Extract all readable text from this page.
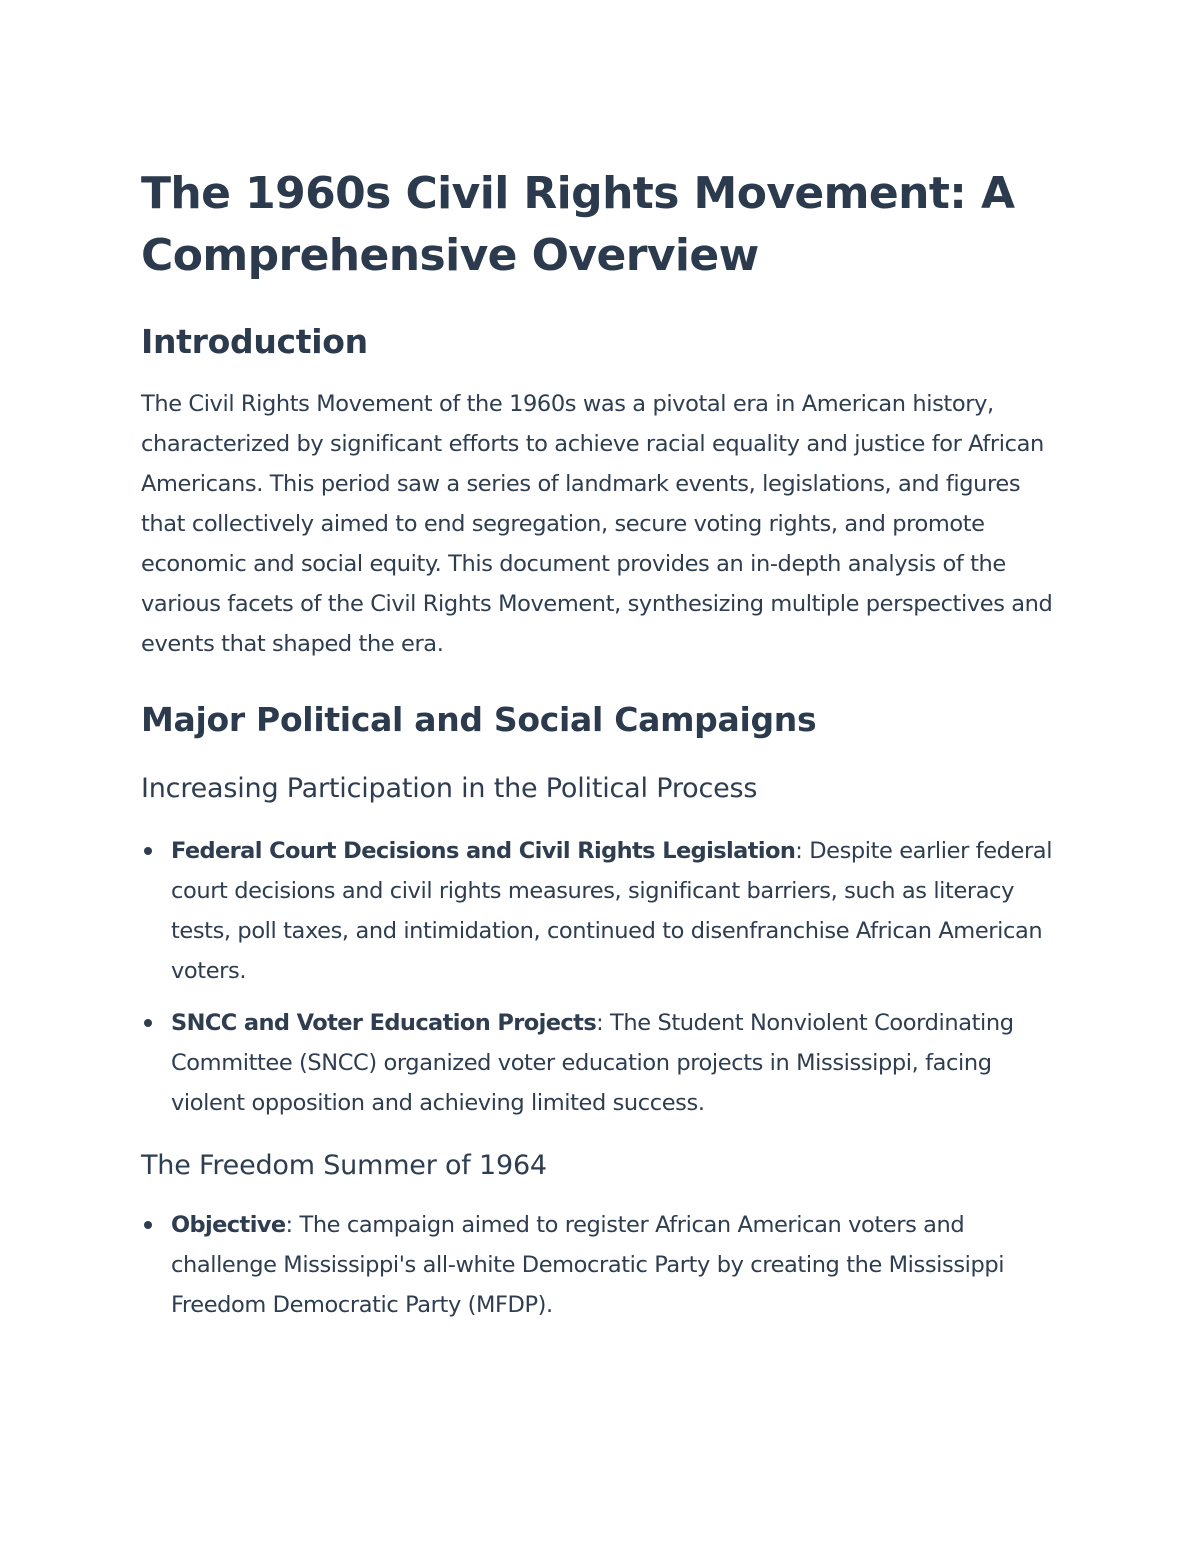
The 1960s Civil Rights Movement: A Comprehensive Overview
Introduction

The Civil Rights Movement of the 1960s was a pivotal era in American history, characterized by significant efforts to achieve racial equality and justice for African Americans. This period saw a series of landmark events, legislations, and figures that collectively aimed to end segregation, secure voting rights, and promote economic and social equity. This document provides an in-depth analysis of the various facets of the Civil Rights Movement, synthesizing multiple perspectives and events that shaped the era.

Major Political and Social Campaigns
Increasing Participation in the Political Process
Federal Court Decisions and Civil Rights Legislation: Despite earlier federal court decisions and civil rights measures, significant barriers, such as literacy tests, poll taxes, and intimidation, continued to disenfranchise African American voters.
SNCC and Voter Education Projects: The Student Nonviolent Coordinating Committee (SNCC) organized voter education projects in Mississippi, facing violent opposition and achieving limited success.
The Freedom Summer of 1964
Objective: The campaign aimed to register African American voters and challenge Mississippi's all-white Democratic Party by creating the Mississippi Freedom Democratic Party (MFDP).
